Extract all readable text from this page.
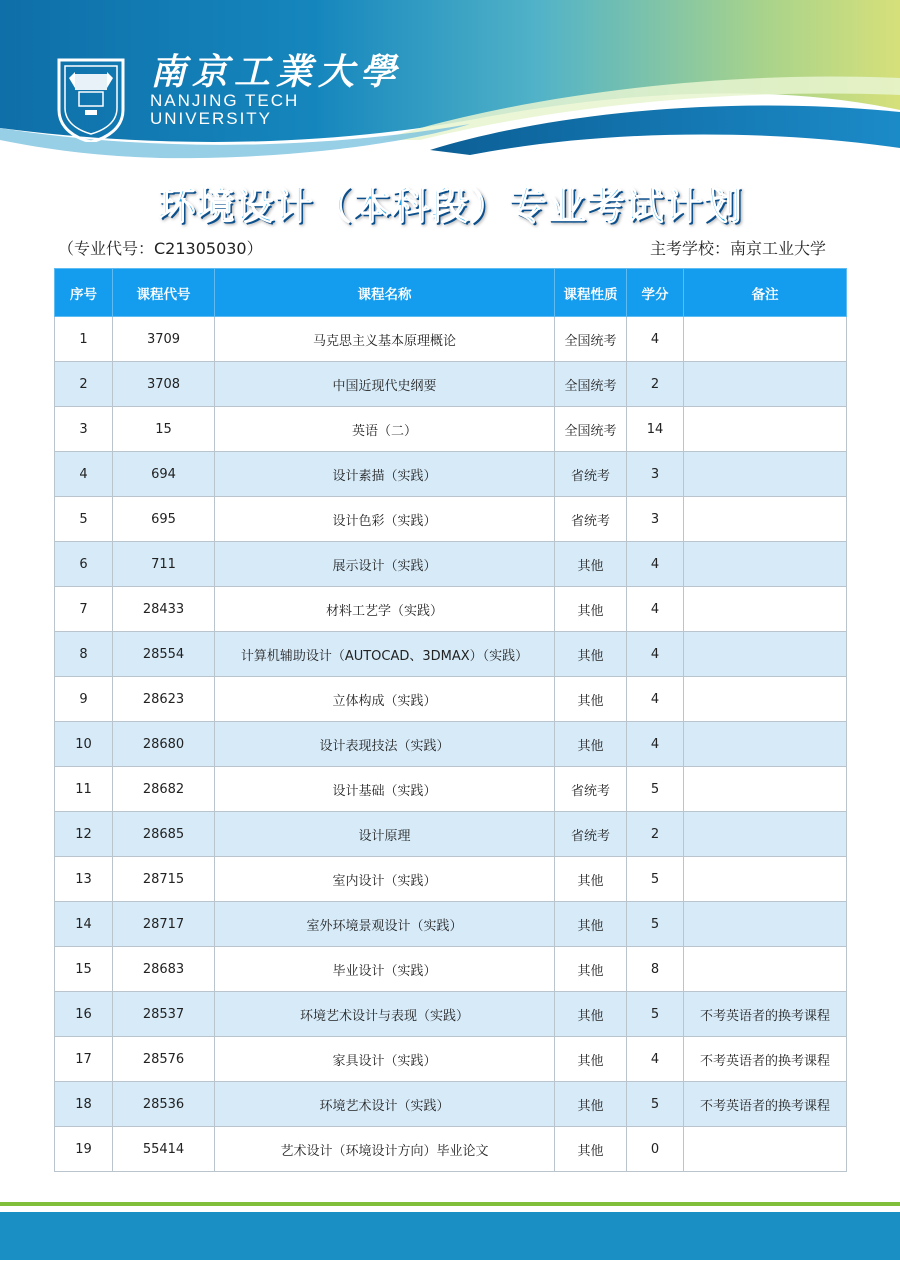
南京工業大學
NANJING TECH
UNIVERSITY
环境设计（本科段）专业考试计划
（专业代号：C21305030）	主考学校：南京工业大学
序号	课程代号	课程名称	课程性质	学分	备注
1	3709	马克思主义基本原理概论	全国统考	4	
2	3708	中国近现代史纲要	全国统考	2	
3	15	英语（二）	全国统考	14	
4	694	设计素描（实践）	省统考	3	
5	695	设计色彩（实践）	省统考	3	
6	711	展示设计（实践）	其他	4	
7	28433	材料工艺学（实践）	其他	4	
8	28554	计算机辅助设计（AUTOCAD、3DMAX）（实践）	其他	4	
9	28623	立体构成（实践）	其他	4	
10	28680	设计表现技法（实践）	其他	4	
11	28682	设计基础（实践）	省统考	5	
12	28685	设计原理	省统考	2	
13	28715	室内设计（实践）	其他	5	
14	28717	室外环境景观设计（实践）	其他	5	
15	28683	毕业设计（实践）	其他	8	
16	28537	环境艺术设计与表现（实践）	其他	5	不考英语者的换考课程
17	28576	家具设计（实践）	其他	4	不考英语者的换考课程
18	28536	环境艺术设计（实践）	其他	5	不考英语者的换考课程
19	55414	艺术设计（环境设计方向）毕业论文	其他	0	
